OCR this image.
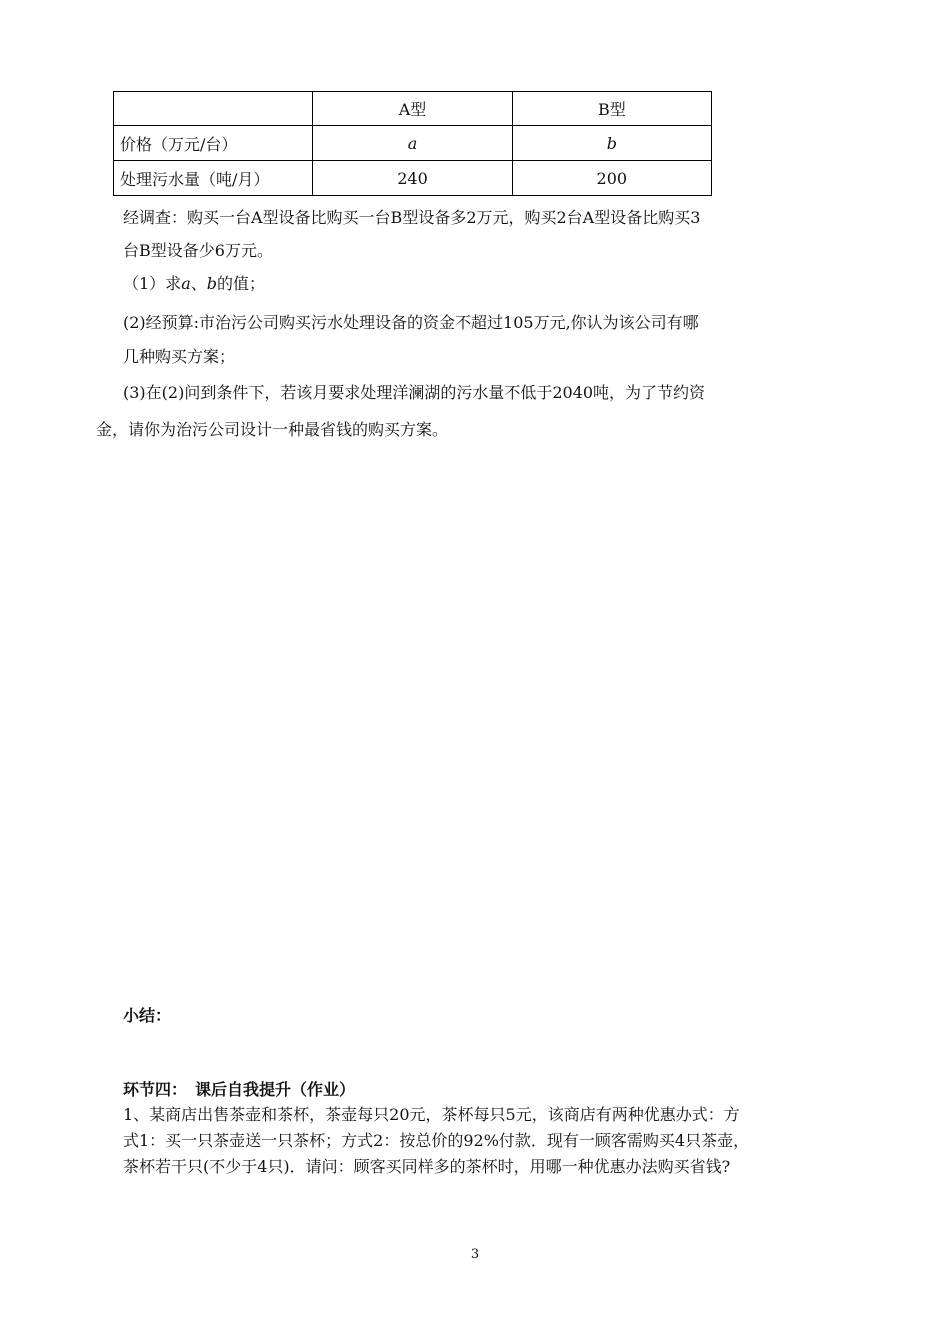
	A型	B型
价格（万元/台）	a	b
处理污水量（吨/月）	240	200
经调查：购买一台A型设备比购买一台B型设备多2万元，购买2台A型设备比购买3
台B型设备少6万元。
（1）求a、b的值；
(2)经预算:市治污公司购买污水处理设备的资金不超过105万元,你认为该公司有哪
几种购买方案；
(3)在(2)问到条件下，若该月要求处理洋澜湖的污水量不低于2040吨，为了节约资
金，请你为治污公司设计一种最省钱的购买方案。
小结：
环节四：　课后自我提升（作业）
1、某商店出售茶壶和茶杯，茶壶每只20元，茶杯每只5元，该商店有两种优惠办式：方
式1：买一只茶壶送一只茶杯；方式2：按总价的92%付款．现有一顾客需购买4只茶壶，
茶杯若干只(不少于4只)．请问：顾客买同样多的茶杯时，用哪一种优惠办法购买省钱?
3
